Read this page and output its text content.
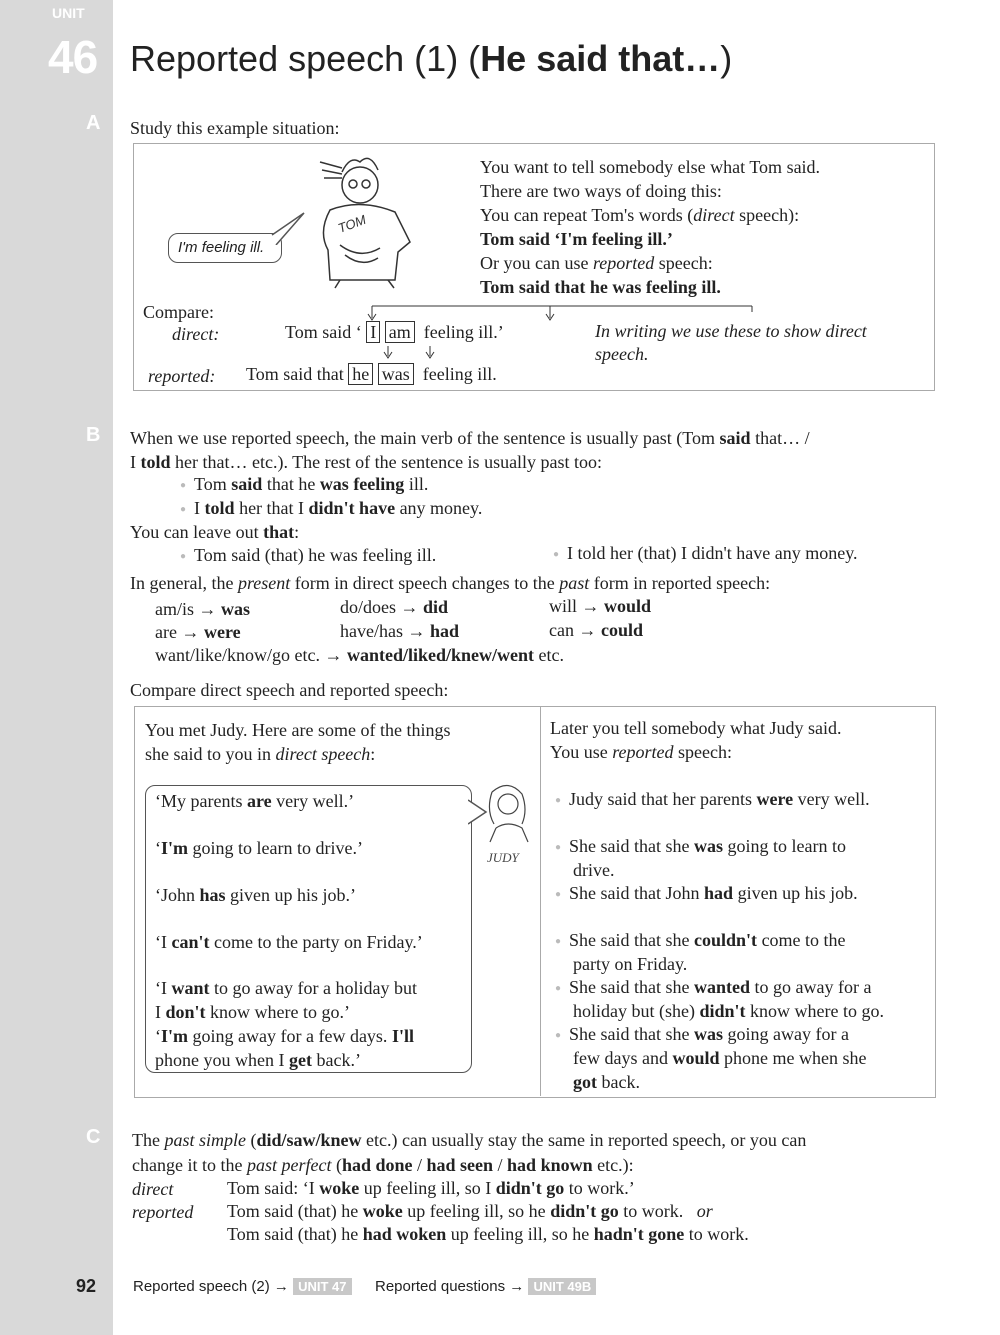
UNIT
46
A
B
C
Reported speech (1) (He said that…)
Study this example situation:
I'm feeling ill.
TOM
You want to tell somebody else what Tom said.
There are two ways of doing this:
You can repeat Tom's words (direct speech):
Tom said ‘I'm feeling ill.’
Or you can use reported speech:
Tom said that he was feeling ill.
Compare:
direct:
reported:
Tom said ‘ I am feeling ill.’
Tom said that he was feeling ill.
In writing we use these to show direct speech.
When we use reported speech, the main verb of the sentence is usually past (Tom said that… /
I told her that… etc.). The rest of the sentence is usually past too:
● Tom said that he was feeling ill.
● I told her that I didn't have any money.
You can leave out that:
● Tom said (that) he was feeling ill.
●	I told her (that) I didn't have any money.
In general, the present form in direct speech changes to the past form in reported speech:
am/is → was	do/does → did	will → would
are → were	have/has → had	can → could
want/like/know/go etc. → wanted/liked/knew/went etc.
Compare direct speech and reported speech:
You met Judy. Here are some of the things
she said to you in direct speech:
Later you tell somebody what Judy said.
You use reported speech:
JUDY
‘My parents are very well.’
‘I'm going to learn to drive.’
‘John has given up his job.’
‘I can't come to the party on Friday.’
‘I want to go away for a holiday but
I don't know where to go.’
‘I'm going away for a few days. I'll
phone you when I get back.’
● Judy said that her parents were very well.
● She said that she was going to learn to
drive.
● She said that John had given up his job.
● She said that she couldn't come to the
party on Friday.
● She said that she wanted to go away for a
holiday but (she) didn't know where to go.
● She said that she was going away for a
few days and would phone me when she
got back.
The past simple (did/saw/knew etc.) can usually stay the same in reported speech, or you can
change it to the past perfect (had done / had seen / had known etc.):
direct
reported
Tom said: ‘I woke up feeling ill, so I didn't go to work.’
Tom said (that) he woke up feeling ill, so he didn't go to work. or
Tom said (that) he had woken up feeling ill, so he hadn't gone to work.
92 Reported speech (2) → UNIT 47	Reported questions → UNIT 49B
